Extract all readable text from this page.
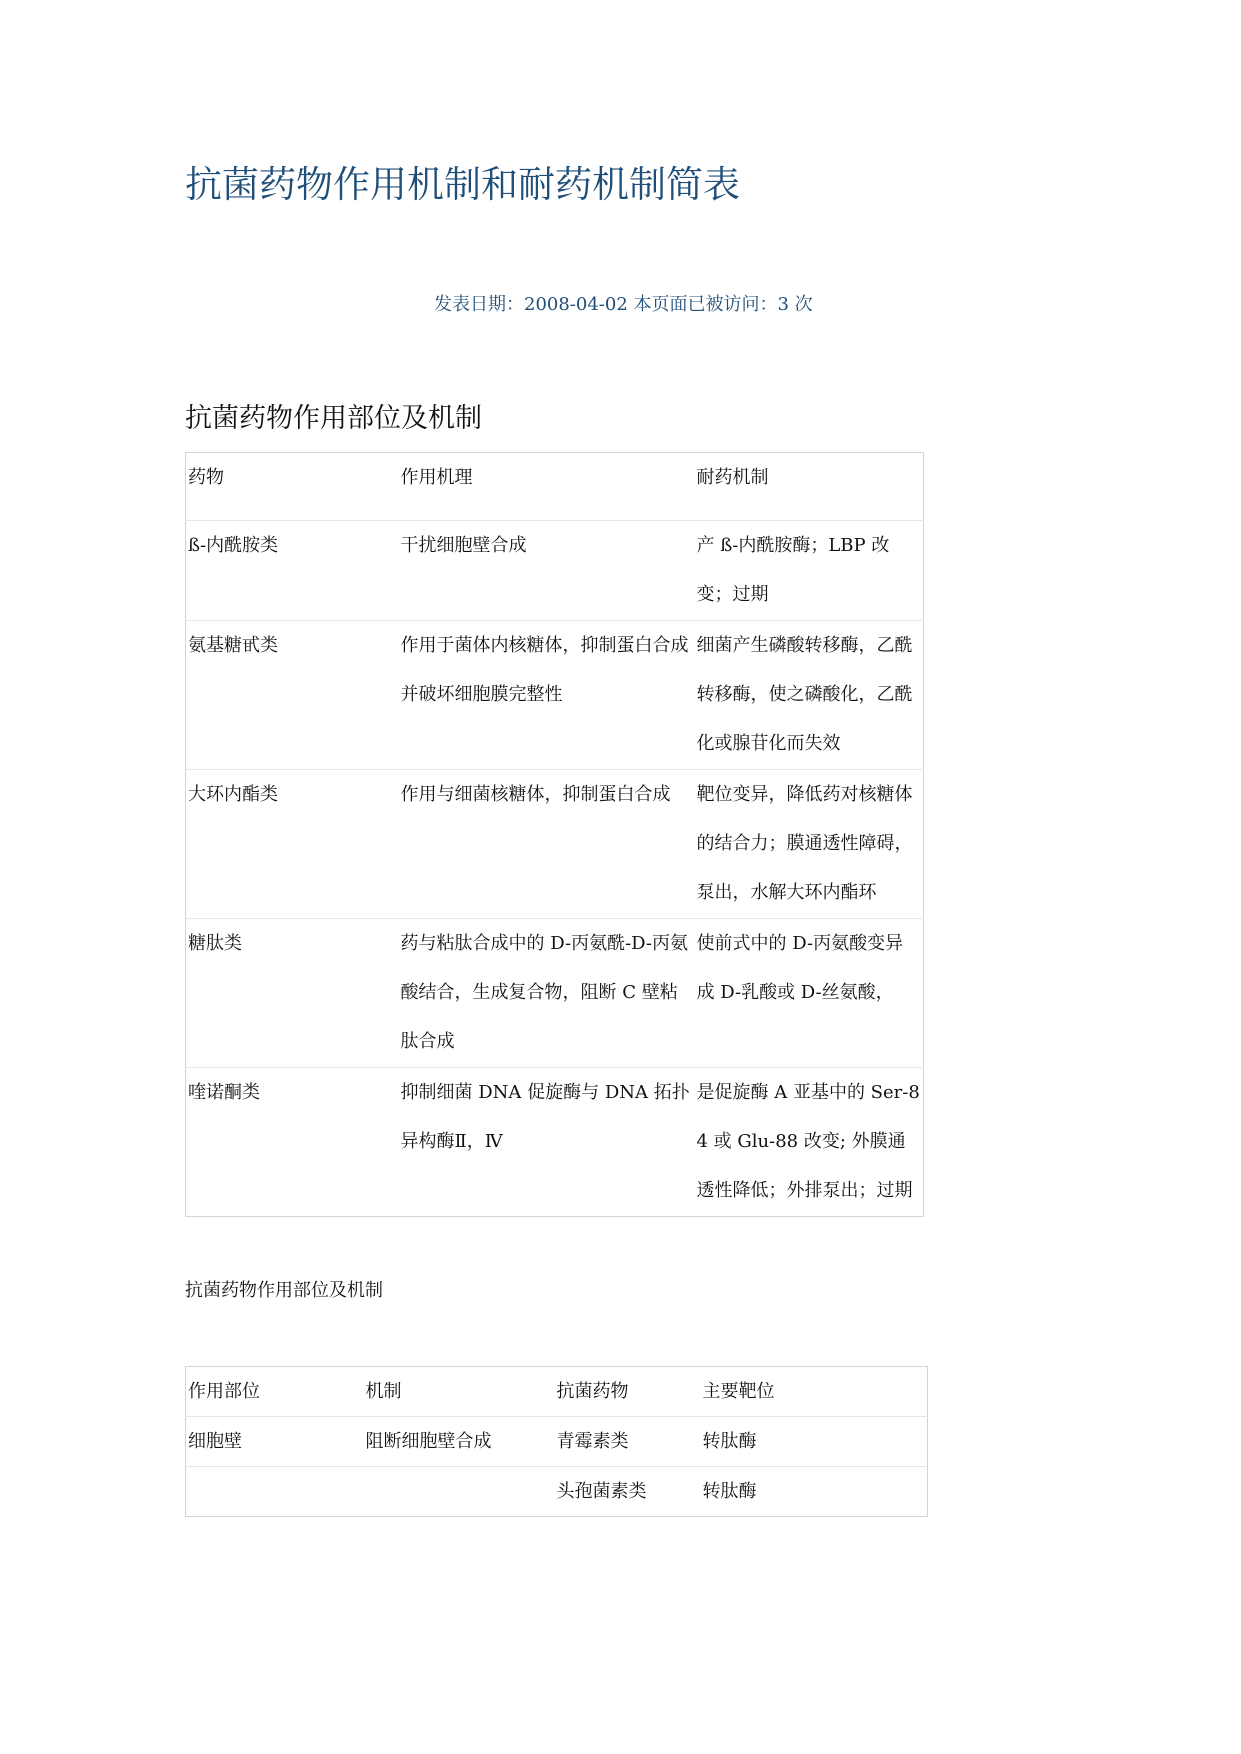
抗菌药物作用机制和耐药机制简表
发表日期：2008-04-02 本页面已被访问：3 次
抗菌药物作用部位及机制
药物	作用机理	耐药机制
ß-内酰胺类	干扰细胞壁合成	产 ß-内酰胺酶；LBP 改变；过期
氨基糖甙类	作用于菌体内核糖体，抑制蛋白合成并破坏细胞膜完整性	细菌产生磷酸转移酶，乙酰转移酶，使之磷酸化，乙酰化或腺苷化而失效
大环内酯类	作用与细菌核糖体，抑制蛋白合成	靶位变异，降低药对核糖体的结合力；膜通透性障碍，泵出，水解大环内酯环
糖肽类	药与粘肽合成中的 D-丙氨酰-D-丙氨酸结合，生成复合物，阻断 C 壁粘肽合成	使前式中的 D-丙氨酸变异成 D-乳酸或 D-丝氨酸，
喹诺酮类	抑制细菌 DNA 促旋酶与 DNA 拓扑异构酶Ⅱ，Ⅳ	是促旋酶 A 亚基中的 Ser-84 或 Glu-88 改变; 外膜通透性降低；外排泵出；过期
抗菌药物作用部位及机制
作用部位	机制	抗菌药物	主要靶位
细胞壁	阻断细胞壁合成	青霉素类	转肽酶
		头孢菌素类	转肽酶
